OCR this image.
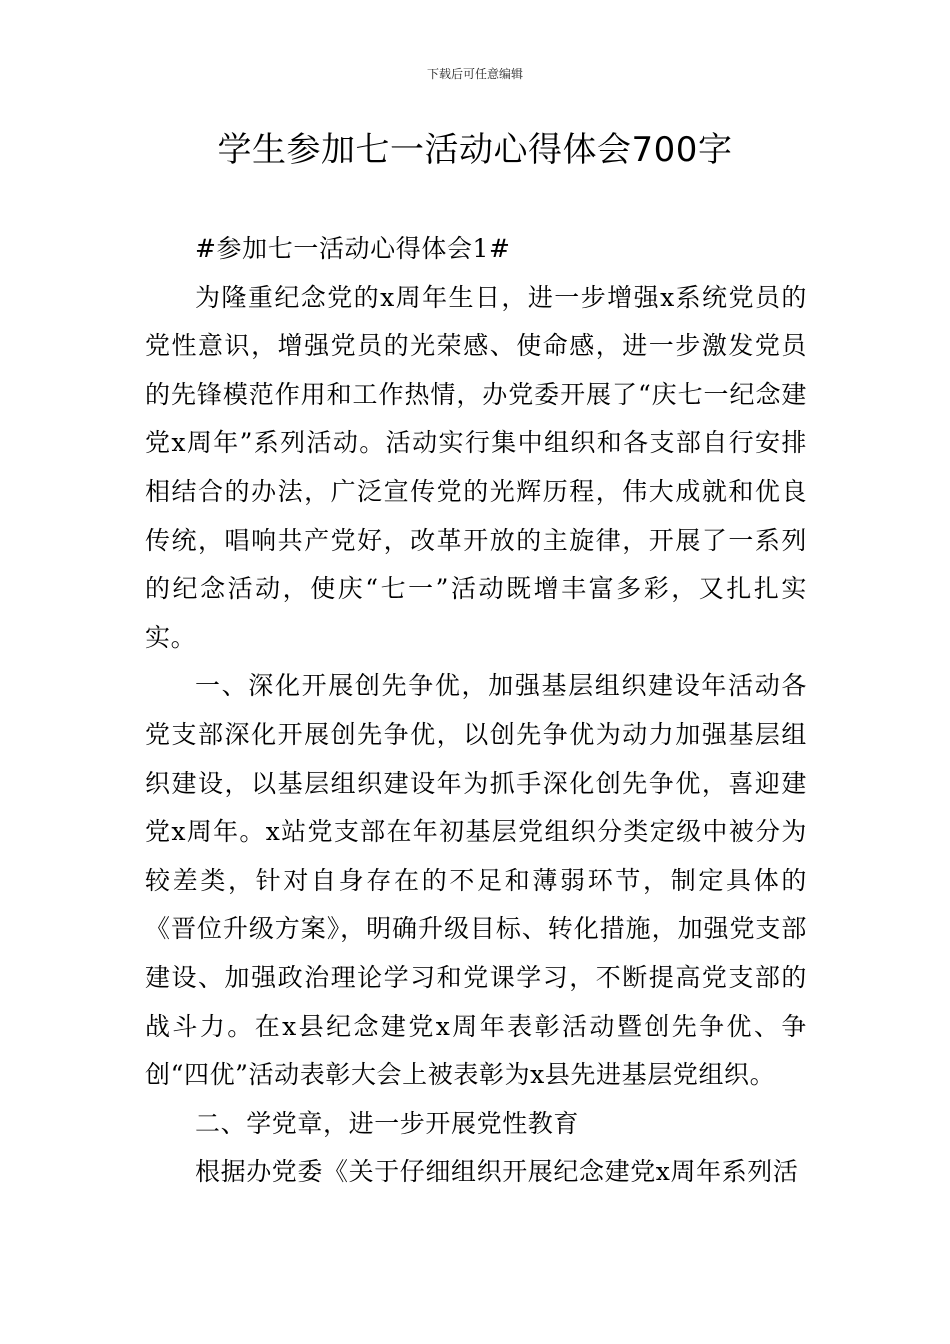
下载后可任意编辑
学生参加七一活动心得体会700字

#参加七一活动心得体会1#

为隆重纪念党的x周年生日，进一步增强x系统党员的党性意识，增强党员的光荣感、使命感，进一步激发党员的先锋模范作用和工作热情，办党委开展了“庆七一纪念建党x周年”系列活动。活动实行集中组织和各支部自行安排相结合的办法，广泛宣传党的光辉历程，伟大成就和优良传统，唱响共产党好，改革开放的主旋律，开展了一系列的纪念活动，使庆“七一”活动既增丰富多彩，又扎扎实实。

一、深化开展创先争优，加强基层组织建设年活动各党支部深化开展创先争优，以创先争优为动力加强基层组织建设，以基层组织建设年为抓手深化创先争优，喜迎建党x周年。x站党支部在年初基层党组织分类定级中被分为较差类，针对自身存在的不足和薄弱环节，制定具体的《晋位升级方案》，明确升级目标、转化措施，加强党支部建设、加强政治理论学习和党课学习，不断提高党支部的战斗力。在x县纪念建党x周年表彰活动暨创先争优、争创“四优”活动表彰大会上被表彰为x县先进基层党组织。

二、学党章，进一步开展党性教育

根据办党委《关于仔细组织开展纪念建党x周年系列活
